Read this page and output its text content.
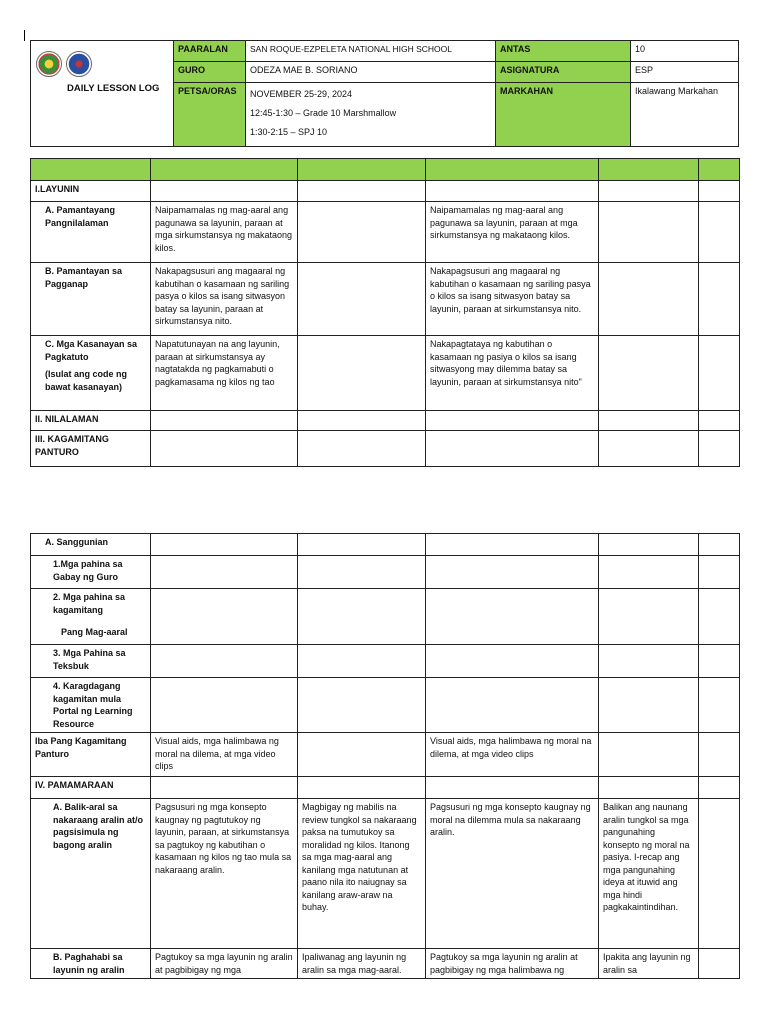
DAILY LESSON LOG	PAARALAN	SAN ROQUE-EZPELETA NATIONAL HIGH SCHOOL	ANTAS	10
	GURO	ODEZA MAE B. SORIANO	ASIGNATURA	ESP
	PETSA/ORAS	NOVEMBER 25-29, 2024
12:45-1:30 – Grade 10 Marshmallow
1:30-2:15 – SPJ 10	MARKAHAN	Ikalawang Markahan

I.LAYUNIN					
A. Pamantayang Pangnilalaman	Naipamamalas ng mag-aaral ang pagunawa sa layunin, paraan at mga sirkumstansya ng makataong kilos.		Naipamamalas ng mag-aaral ang pagunawa sa layunin, paraan at mga sirkumstansya ng makataong kilos.		
B. Pamantayan sa Pagganap	Nakapagsusuri ang magaaral ng kabutihan o kasamaan ng sariling pasya o kilos sa isang sitwasyon batay sa layunin, paraan at sirkumstansya nito.		Nakapagsusuri ang magaaral ng kabutihan o kasamaan ng sariling pasya o kilos sa isang sitwasyon batay sa layunin, paraan at sirkumstansya nito.		

C. Mga Kasanayan sa Pagkatuto
(Isulat ang code ng bawat kasanayan)	Napatutunayan na ang layunin, paraan at sirkumstansya ay nagtatakda ng pagkamabuti o pagkamasama ng kilos ng tao		Nakapagtataya ng kabutihan o kasamaan ng pasiya o kilos sa isang sitwasyong may dilemma batay sa layunin, paraan at sirkumstansya nito"		
II. NILALAMAN					
III. KAGAMITANG PANTURO					
A. Sanggunian					
1.Mga pahina sa Gabay ng Guro					

2. Mga pahina sa kagamitang
Pang Mag-aaral					

3. Mga Pahina sa Teksbuk					
4. Karagdagang kagamitan mula Portal ng Learning Resource					
Iba Pang Kagamitang Panturo	Visual aids, mga halimbawa ng moral na dilema, at mga video clips		Visual aids, mga halimbawa ng moral na dilema, at mga video clips		
IV. PAMAMARAAN					
A. Balik-aral sa nakaraang aralin at/o pagsisimula ng bagong aralin	Pagsusuri ng mga konsepto kaugnay ng pagtutukoy ng layunin, paraan, at sirkumstansya sa pagtukoy ng kabutihan o kasamaan ng kilos ng tao mula sa nakaraang aralin.	Magbigay ng mabilis na review tungkol sa nakaraang paksa na tumutukoy sa moralidad ng kilos. Itanong sa mga mag-aaral ang kanilang mga natutunan at paano nila ito naiugnay sa kanilang araw-araw na buhay.	Pagsusuri ng mga konsepto kaugnay ng moral na dilemma mula sa nakaraang aralin.	Balikan ang naunang aralin tungkol sa mga pangunahing konsepto ng moral na pasiya. I-recap ang mga pangunahing ideya at ituwid ang mga hindi pagkakaintindihan.	
B. Paghahabi sa layunin ng aralin	Pagtukoy sa mga layunin ng aralin at pagbibigay ng mga	Ipaliwanag ang layunin ng aralin sa mga mag-aaral.	Pagtukoy sa mga layunin ng aralin at pagbibigay ng mga halimbawa ng	Ipakita ang layunin ng aralin sa	
